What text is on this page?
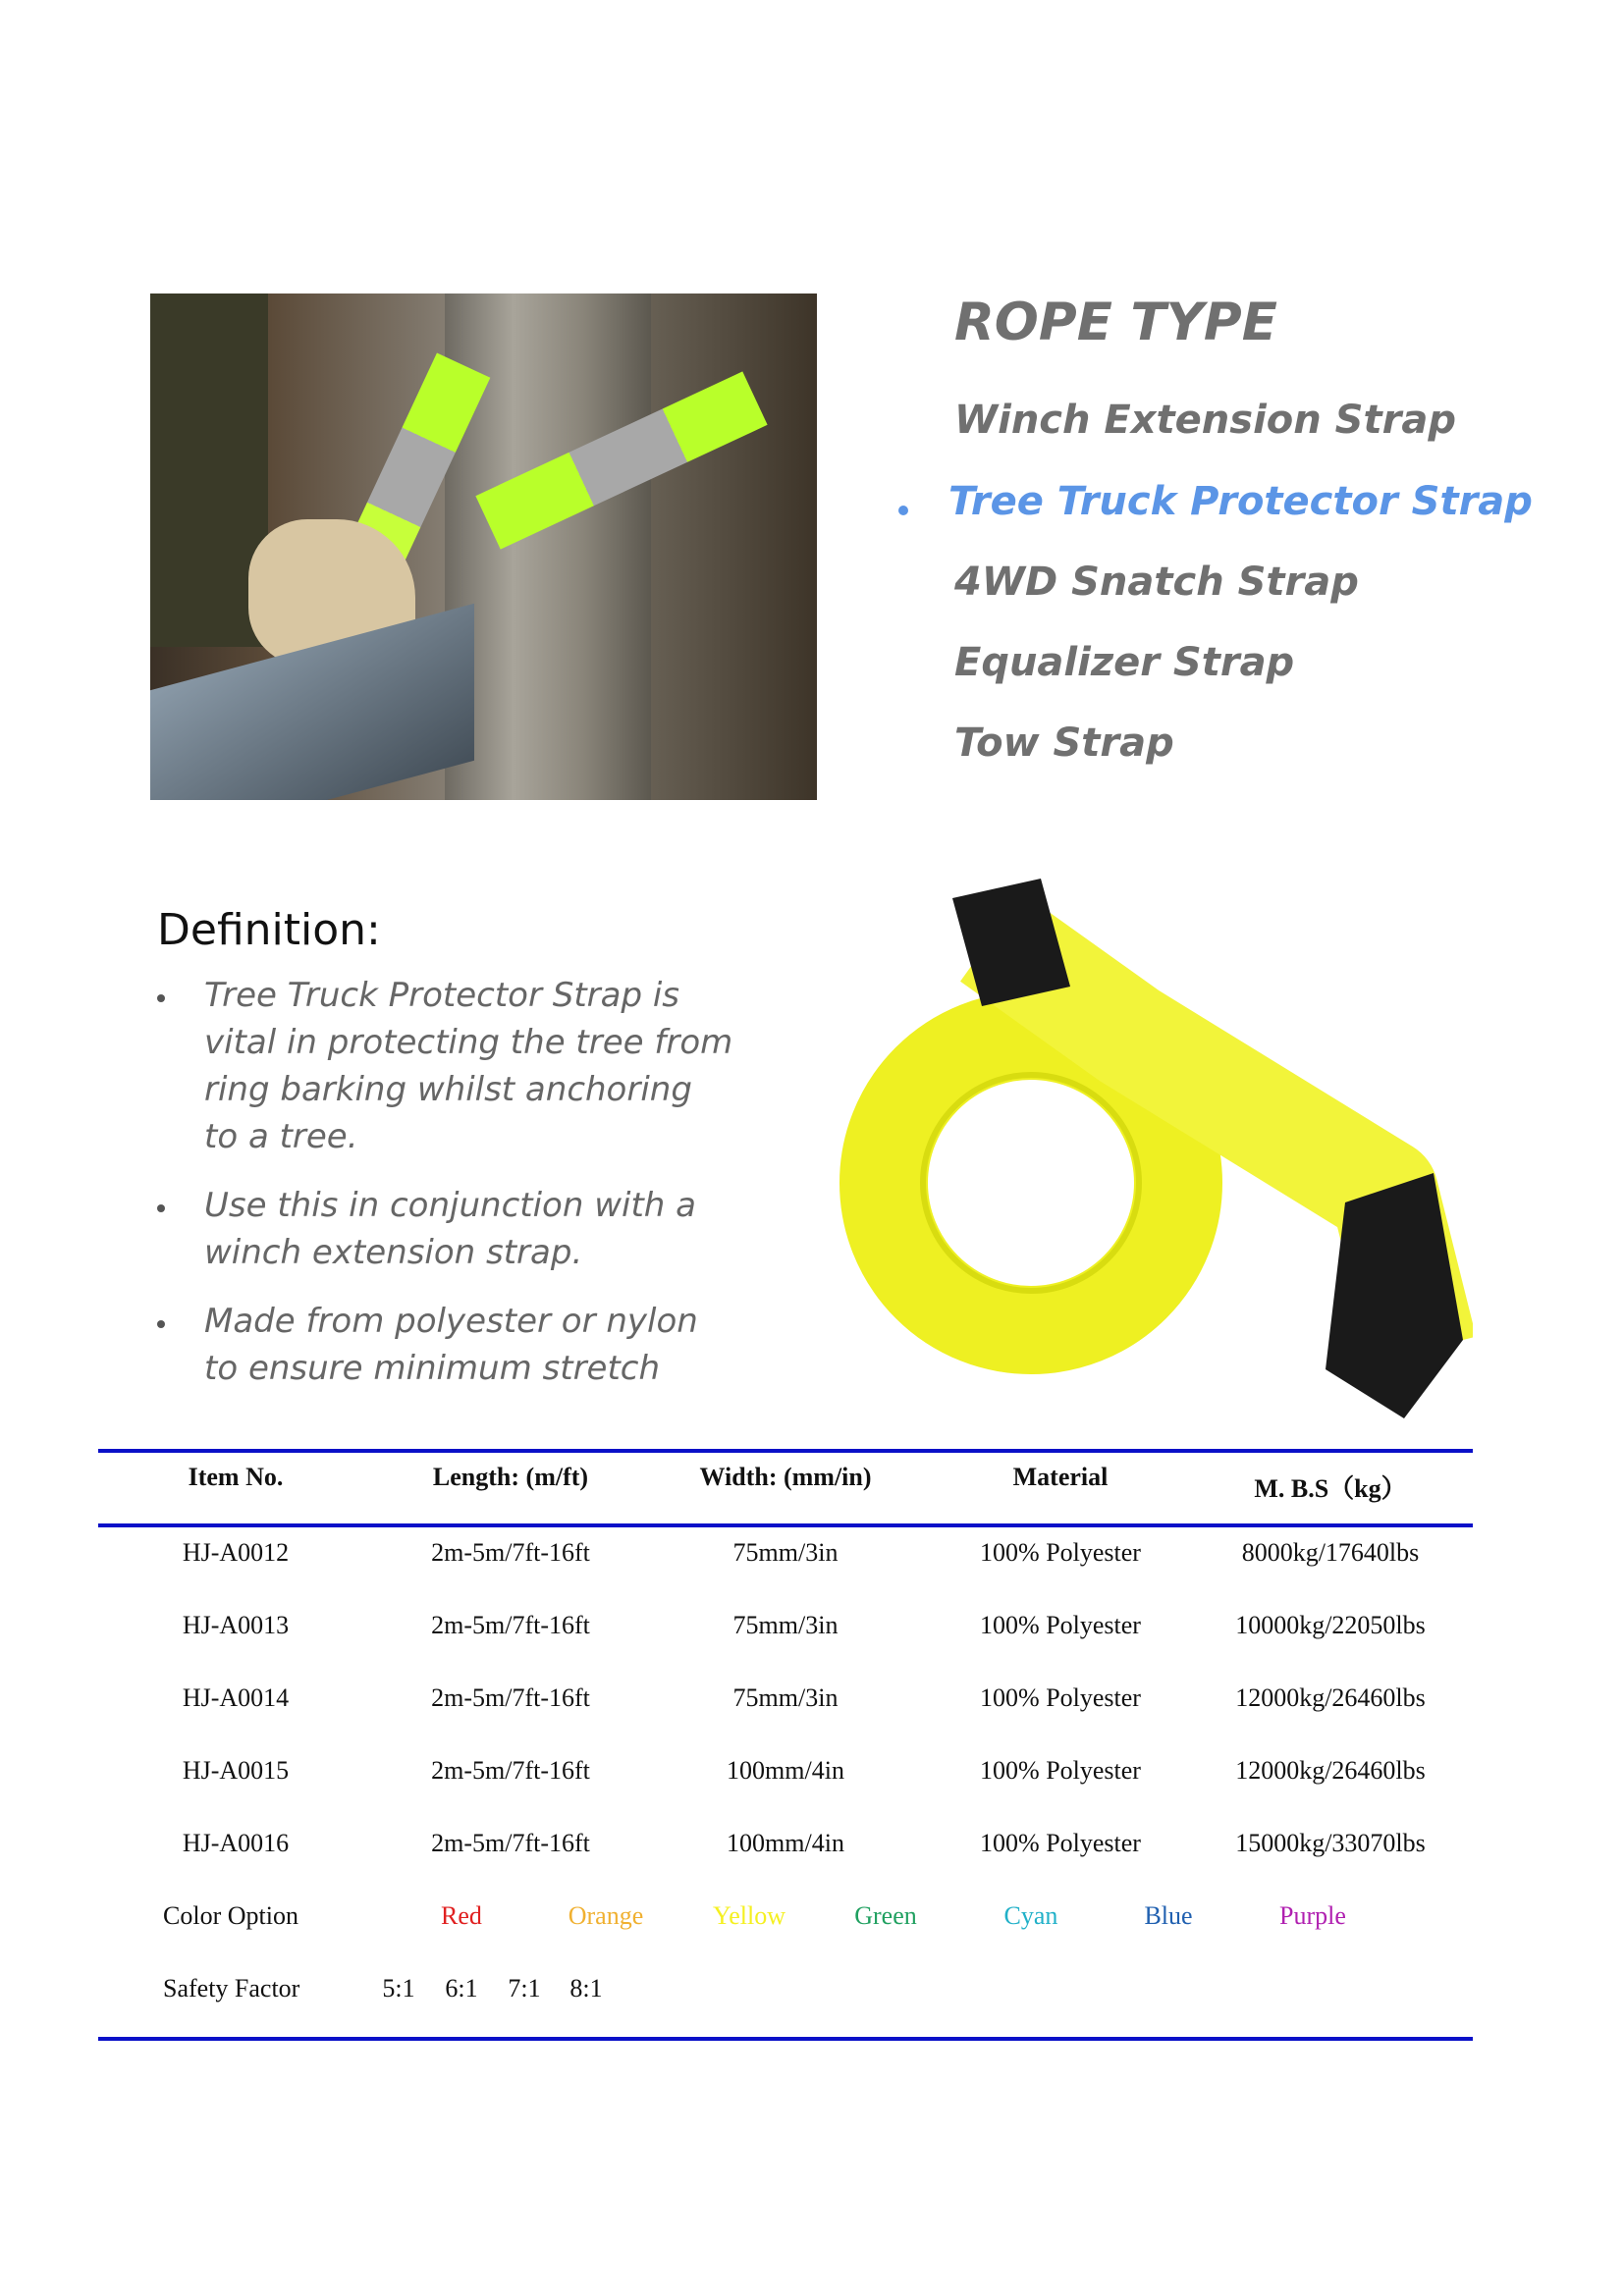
ROPE TYPE
Winch Extension Strap
Tree Truck Protector Strap
4WD Snatch Strap
Equalizer Strap
Tow Strap
Definition:
Tree Truck Protector Strap is vital in protecting the tree from ring barking whilst anchoring to a tree.
Use this in conjunction with a winch extension strap.
Made from polyester or nylon to ensure minimum stretch
Item No.	Length: (m/ft)	Width: (mm/in)	Material	M. B.S（kg）
HJ-A0012	2m-5m/7ft-16ft	75mm/3in	100% Polyester	8000kg/17640lbs
HJ-A0013	2m-5m/7ft-16ft	75mm/3in	100% Polyester	10000kg/22050lbs
HJ-A0014	2m-5m/7ft-16ft	75mm/3in	100% Polyester	12000kg/26460lbs
HJ-A0015	2m-5m/7ft-16ft	100mm/4in	100% Polyester	12000kg/26460lbs
HJ-A0016	2m-5m/7ft-16ft	100mm/4in	100% Polyester	15000kg/33070lbs
Color Option	Red	Orange	Yellow	Green	Cyan	Blue	Purple
Safety Factor	5:1 6:1 7:1 8:1
